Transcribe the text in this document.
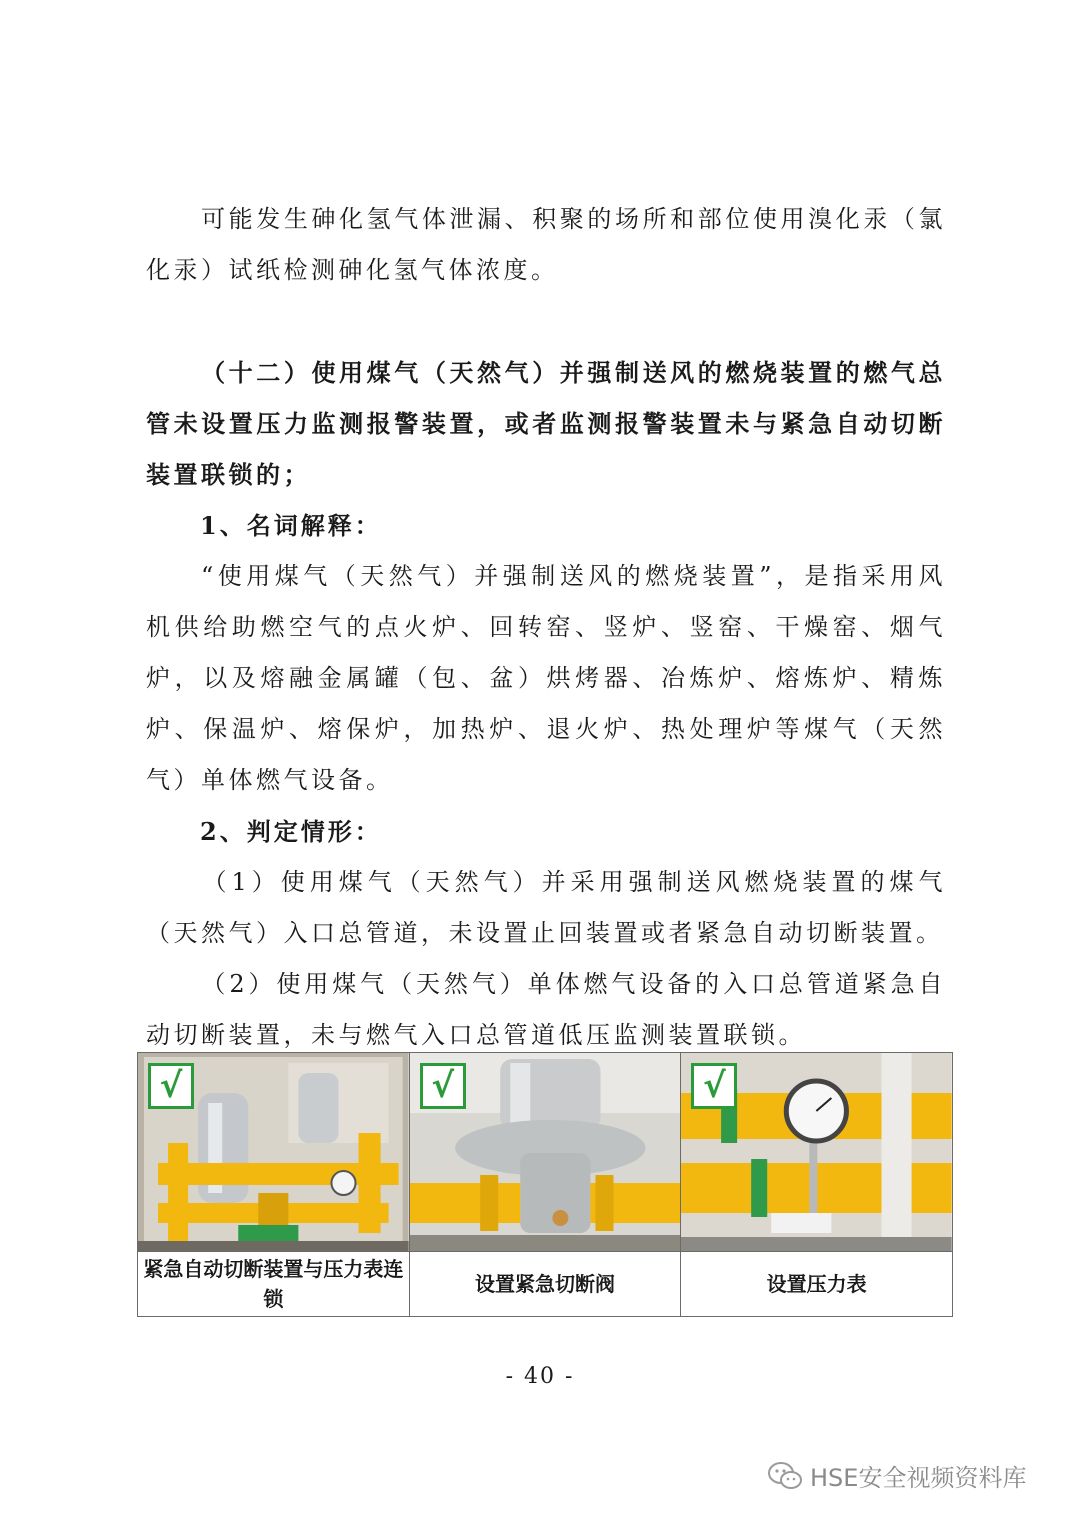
可能发生砷化氢气体泄漏、积聚的场所和部位使用溴化汞（氯化汞）试纸检测砷化氢气体浓度。

（十二）使用煤气（天然气）并强制送风的燃烧装置的燃气总管未设置压力监测报警装置，或者监测报警装置未与紧急自动切断装置联锁的；

1、名词解释：

“使用煤气（天然气）并强制送风的燃烧装置”，是指采用风机供给助燃空气的点火炉、回转窑、竖炉、竖窑、干燥窑、烟气炉，以及熔融金属罐（包、盆）烘烤器、冶炼炉、熔炼炉、精炼炉、保温炉、熔保炉，加热炉、退火炉、热处理炉等煤气（天然气）单体燃气设备。

2、判定情形：

（1）使用煤气（天然气）并采用强制送风燃烧装置的煤气（天然气）入口总管道，未设置止回装置或者紧急自动切断装置。

（2）使用煤气（天然气）单体燃气设备的入口总管道紧急自动切断装置，未与燃气入口总管道低压监测装置联锁。

√	√	√

紧急自动切断装置与压力表连锁	设置紧急切断阀	设置压力表
- 40 -
HSE安全视频资料库
